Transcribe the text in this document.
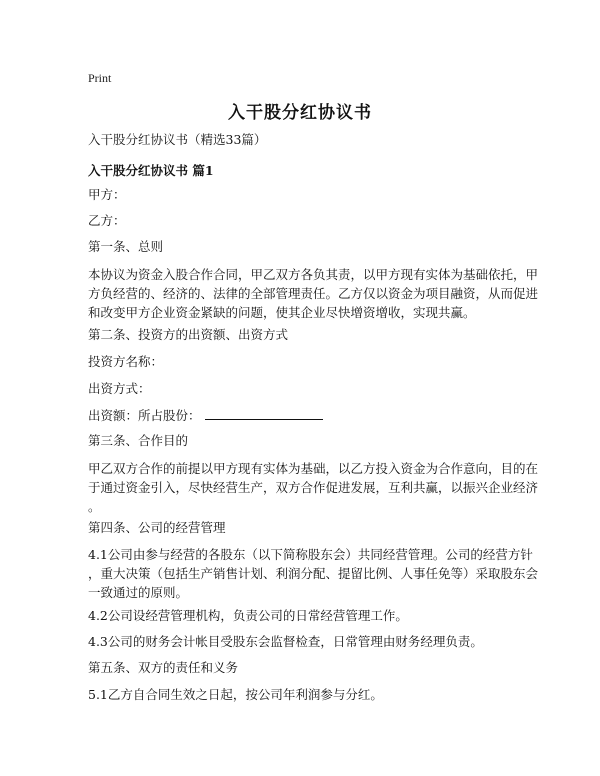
Print
入干股分红协议书
入干股分红协议书（精选33篇）
入干股分红协议书 篇1
甲方：
乙方：
第一条、总则
本协议为资金入股合作合同，甲乙双方各负其责，以甲方现有实体为基础依托，甲
方负经营的、经济的、法律的全部管理责任。乙方仅以资金为项目融资，从而促进
和改变甲方企业资金紧缺的问题，使其企业尽快增资增收，实现共赢。
第二条、投资方的出资额、出资方式
投资方名称：
出资方式：
出资额：所占股份：
第三条、合作目的
甲乙双方合作的前提以甲方现有实体为基础，以乙方投入资金为合作意向，目的在
于通过资金引入，尽快经营生产，双方合作促进发展，互利共赢，以振兴企业经济
。
第四条、公司的经营管理
4.1公司由参与经营的各股东（以下简称股东会）共同经营管理。公司的经营方针
，重大决策（包括生产销售计划、利润分配、提留比例、人事任免等）采取股东会
一致通过的原则。
4.2公司设经营管理机构，负责公司的日常经营管理工作。
4.3公司的财务会计帐目受股东会监督检查，日常管理由财务经理负责。
第五条、双方的责任和义务
5.1乙方自合同生效之日起，按公司年利润参与分红。
